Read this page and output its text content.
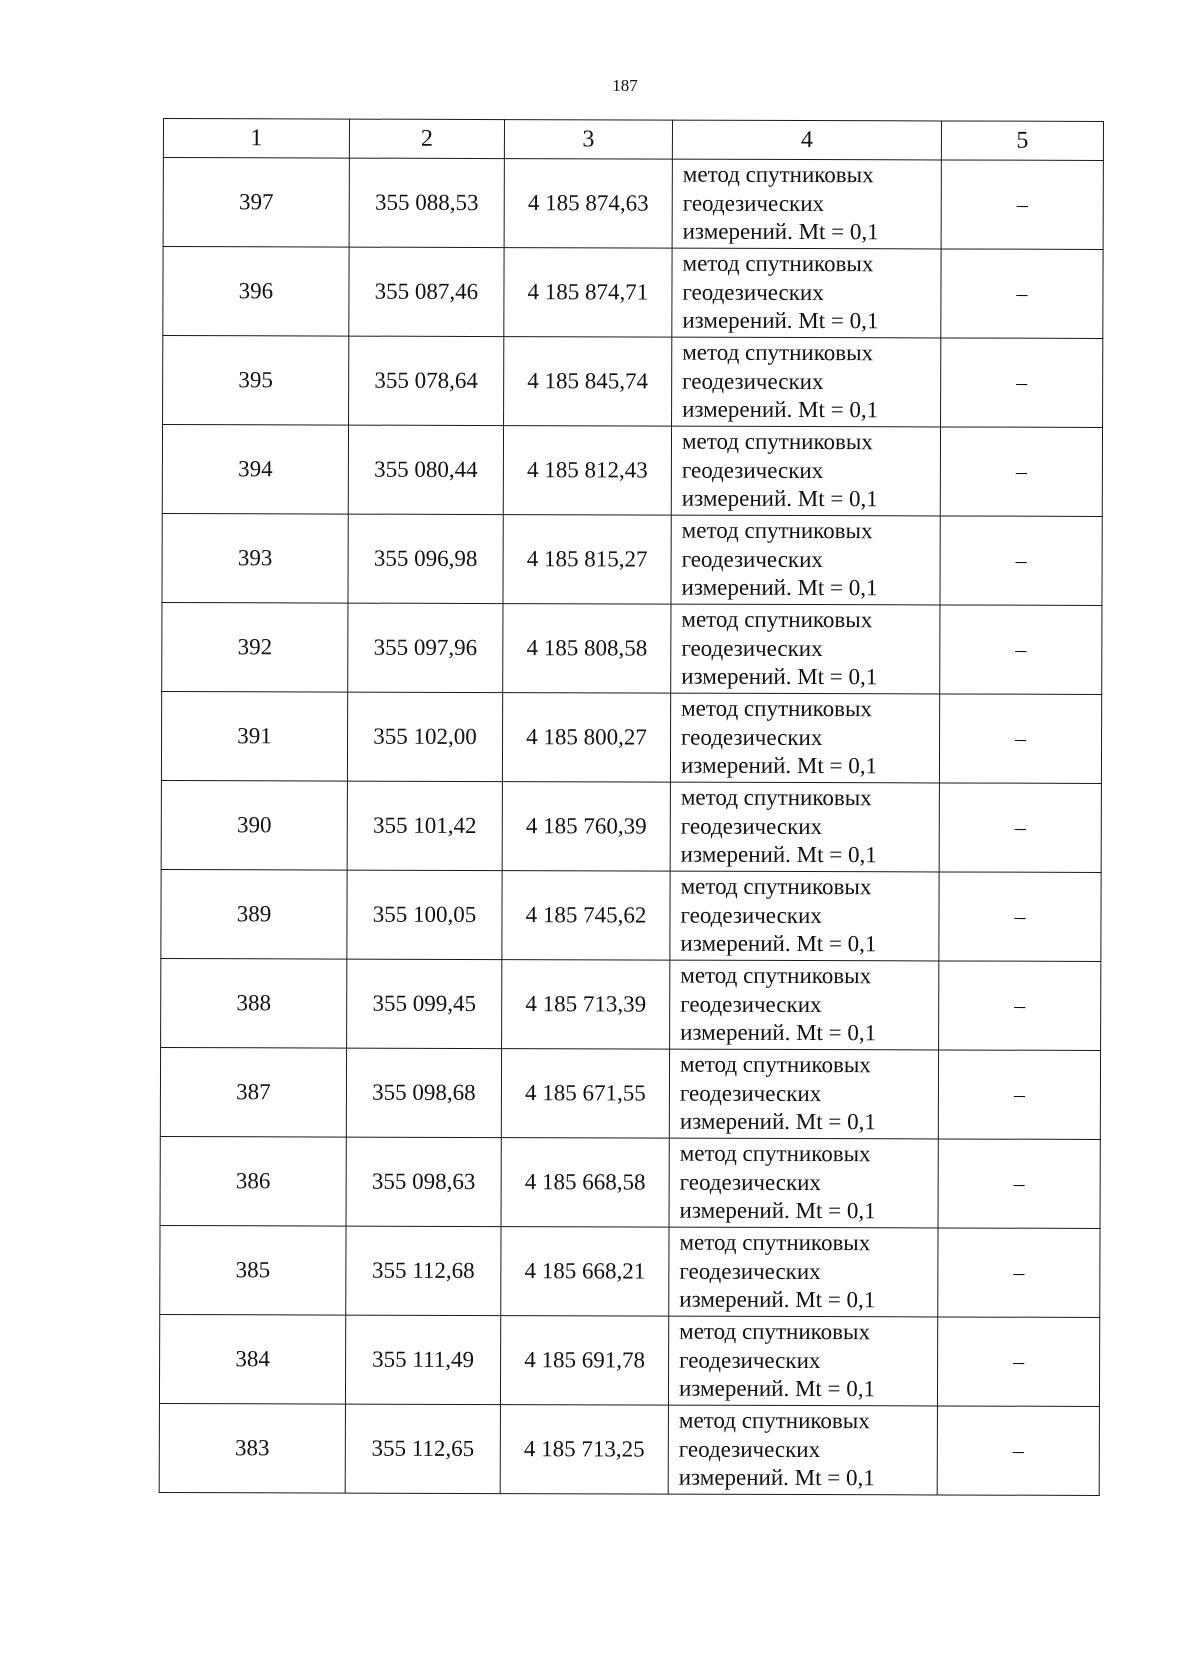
187
1	2	3	4	5
397	355 088,53	4 185 874,63	метод спутниковых
геодезических
измерений. Mt = 0,1	–
396	355 087,46	4 185 874,71	метод спутниковых
геодезических
измерений. Mt = 0,1	–
395	355 078,64	4 185 845,74	метод спутниковых
геодезических
измерений. Mt = 0,1	–
394	355 080,44	4 185 812,43	метод спутниковых
геодезических
измерений. Mt = 0,1	–
393	355 096,98	4 185 815,27	метод спутниковых
геодезических
измерений. Mt = 0,1	–
392	355 097,96	4 185 808,58	метод спутниковых
геодезических
измерений. Mt = 0,1	–
391	355 102,00	4 185 800,27	метод спутниковых
геодезических
измерений. Mt = 0,1	–
390	355 101,42	4 185 760,39	метод спутниковых
геодезических
измерений. Mt = 0,1	–
389	355 100,05	4 185 745,62	метод спутниковых
геодезических
измерений. Mt = 0,1	–
388	355 099,45	4 185 713,39	метод спутниковых
геодезических
измерений. Mt = 0,1	–
387	355 098,68	4 185 671,55	метод спутниковых
геодезических
измерений. Mt = 0,1	–
386	355 098,63	4 185 668,58	метод спутниковых
геодезических
измерений. Mt = 0,1	–
385	355 112,68	4 185 668,21	метод спутниковых
геодезических
измерений. Mt = 0,1	–
384	355 111,49	4 185 691,78	метод спутниковых
геодезических
измерений. Mt = 0,1	–
383	355 112,65	4 185 713,25	метод спутниковых
геодезических
измерений. Mt = 0,1	–
